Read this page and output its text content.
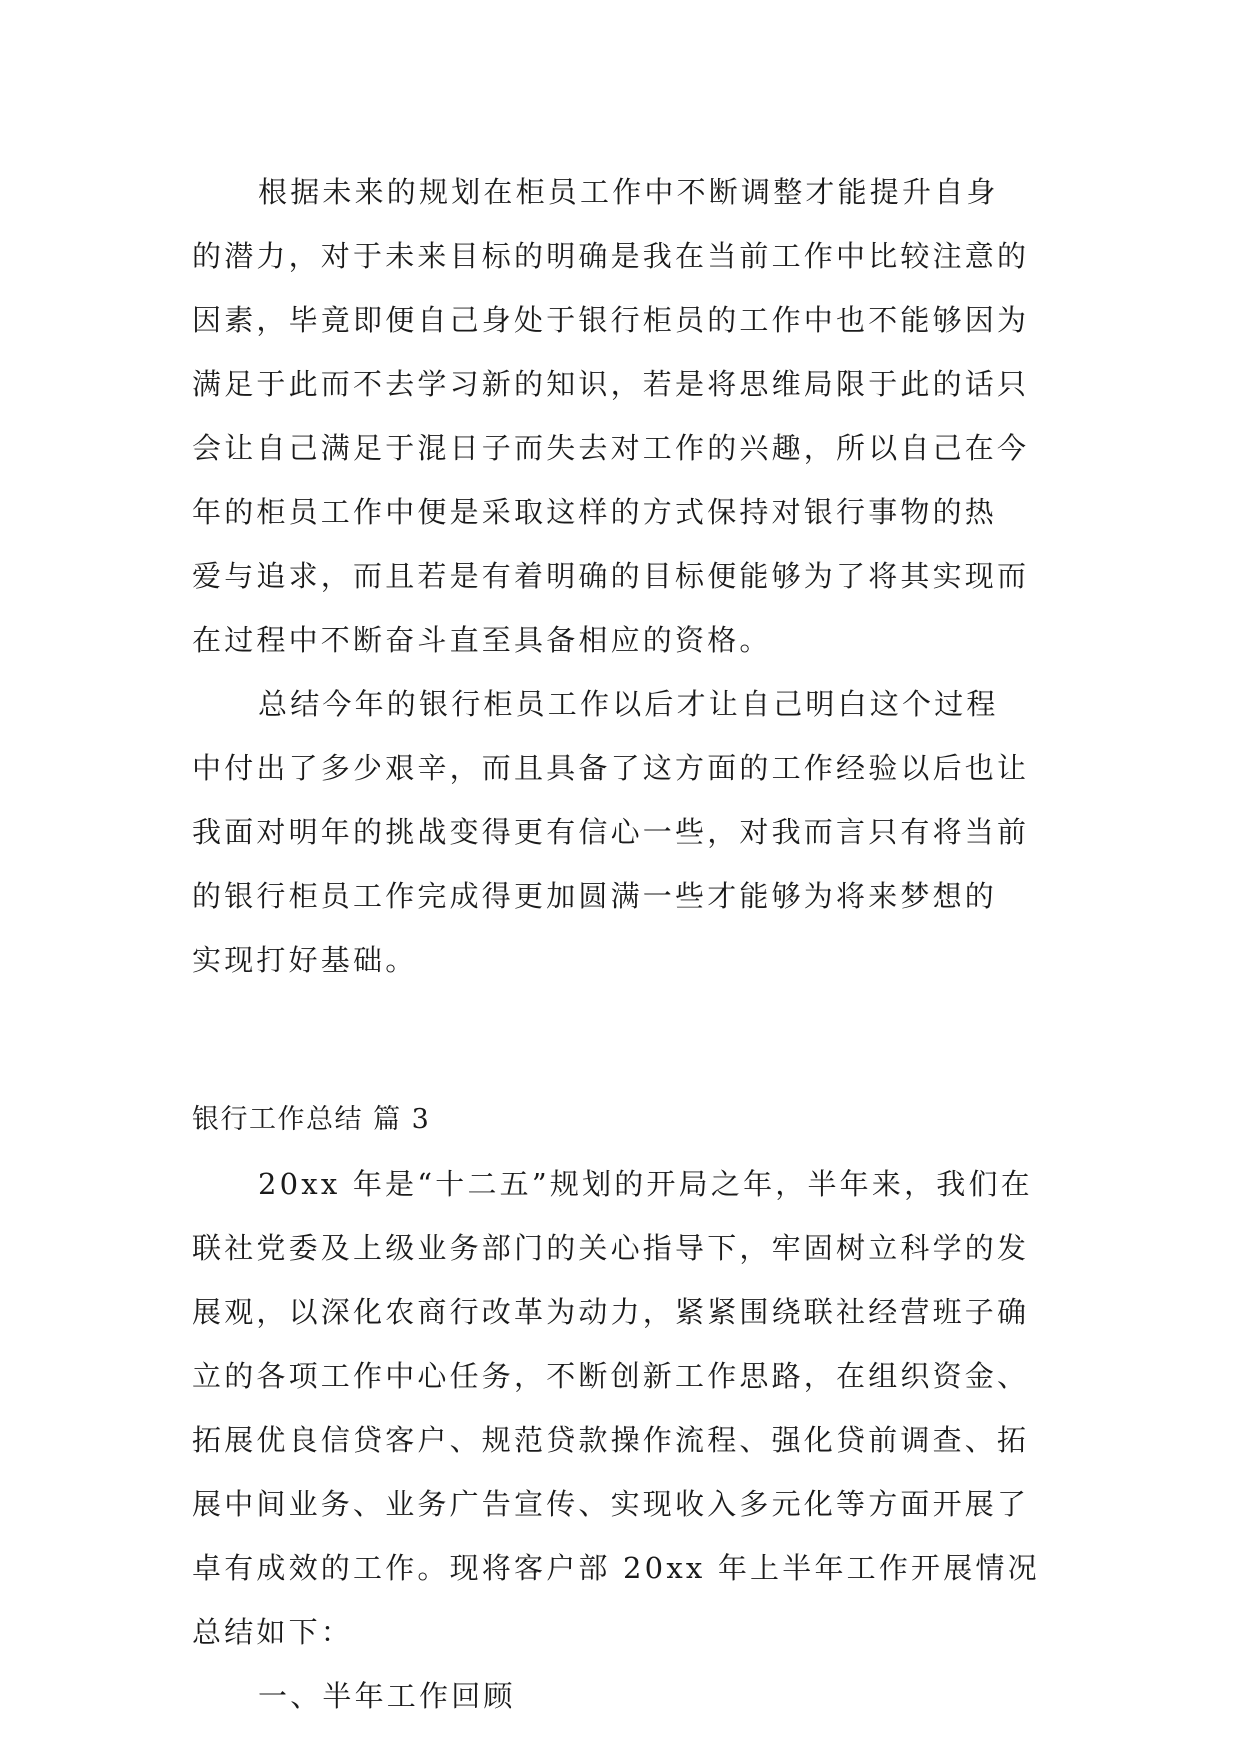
根据未来的规划在柜员工作中不断调整才能提升自身
的潜力，对于未来目标的明确是我在当前工作中比较注意的
因素，毕竟即便自己身处于银行柜员的工作中也不能够因为
满足于此而不去学习新的知识，若是将思维局限于此的话只
会让自己满足于混日子而失去对工作的兴趣，所以自己在今
年的柜员工作中便是采取这样的方式保持对银行事物的热
爱与追求，而且若是有着明确的目标便能够为了将其实现而
在过程中不断奋斗直至具备相应的资格。
总结今年的银行柜员工作以后才让自己明白这个过程
中付出了多少艰辛，而且具备了这方面的工作经验以后也让
我面对明年的挑战变得更有信心一些，对我而言只有将当前
的银行柜员工作完成得更加圆满一些才能够为将来梦想的
实现打好基础。
银行工作总结 篇 3
20xx 年是“十二五”规划的开局之年，半年来，我们在
联社党委及上级业务部门的关心指导下，牢固树立科学的发
展观，以深化农商行改革为动力，紧紧围绕联社经营班子确
立的各项工作中心任务，不断创新工作思路，在组织资金、
拓展优良信贷客户、规范贷款操作流程、强化贷前调查、拓
展中间业务、业务广告宣传、实现收入多元化等方面开展了
卓有成效的工作。现将客户部 20xx 年上半年工作开展情况
总结如下：
一、半年工作回顾
